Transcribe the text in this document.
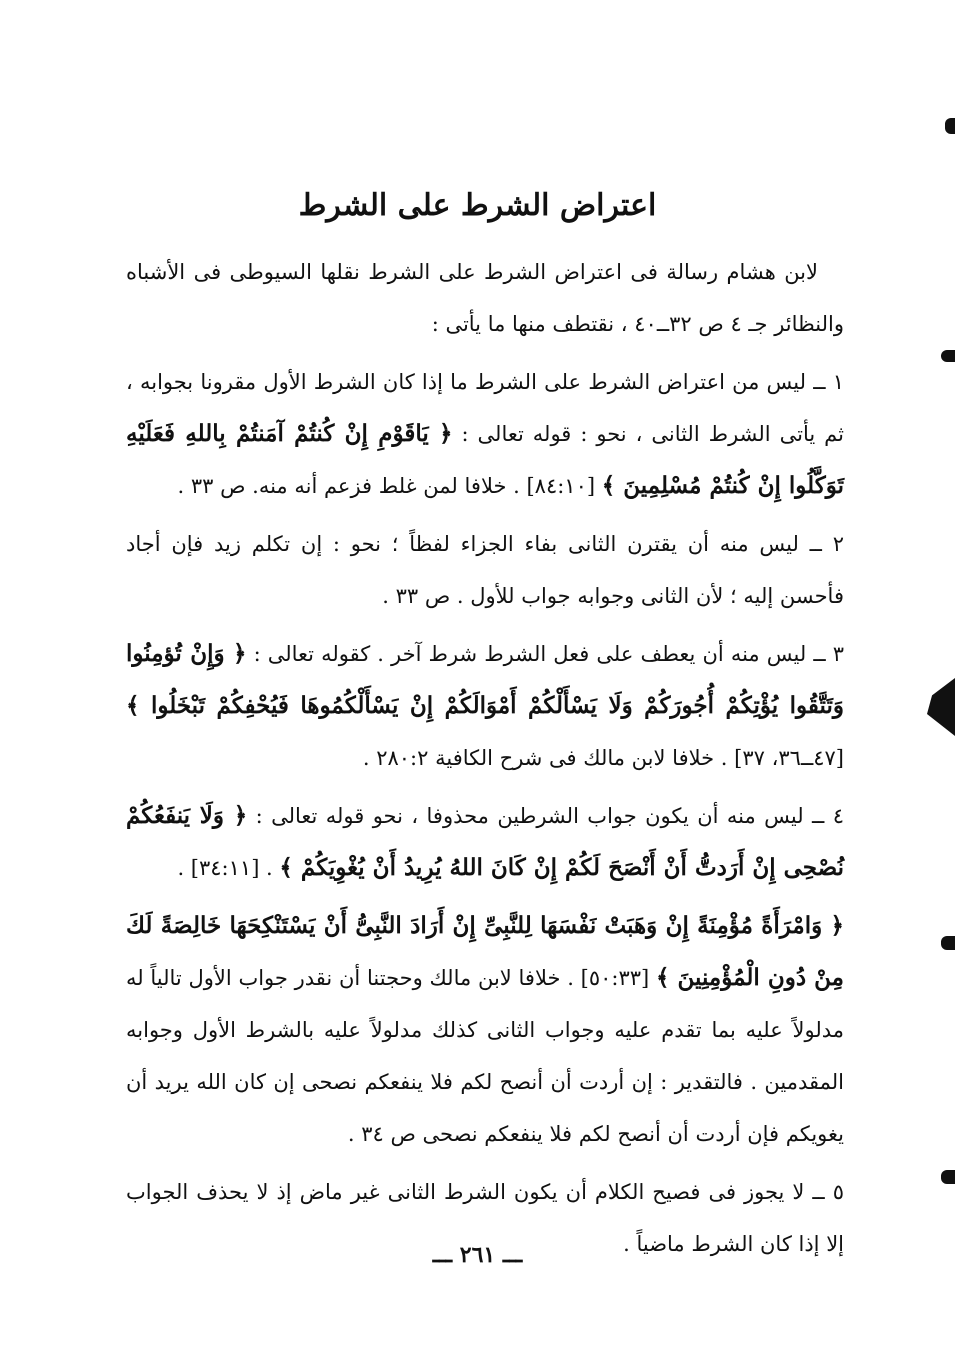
اعتراض الشرط على الشرط

لابن هشام رسالة فى اعتراض الشرط على الشرط نقلها السيوطى فى الأشباه والنظائر جـ ٤ ص ٣٢ــ٤٠ ، نقتطف منها ما يأتى :

١ ــ ليس من اعتراض الشرط على الشرط ما إذا كان الشرط الأول مقرونا بجوابه ، ثم يأتى الشرط الثانى ، نحو : قوله تعالى : ﴿ يَاقَوْمِ إِنْ كُنتُمْ آمَنتُمْ بِاللهِ فَعَلَيْهِ تَوَكَّلُوا إِنْ كُنتُمْ مُسْلِمِينَ ﴾ [٨٤:١٠] . خلافا لمن غلط فزعم أنه منه. ص ٣٣ .

٢ ــ ليس منه أن يقترن الثانى بفاء الجزاء لفظاً ؛ نحو : إن تكلم زيد فإن أجاد فأحسن إليه ؛ لأن الثانى وجوابه جواب للأول . ص ٣٣ .

٣ ــ ليس منه أن يعطف على فعل الشرط شرط آخر . كقوله تعالى : ﴿ وَإِنْ تُؤمِنُوا وَتَتَّقُوا يُؤْتِكُمْ أُجُورَكُمْ وَلَا يَسْأَلْكُمْ أَمْوَالَكُمْ إِنْ يَسْأَلْكُمُوهَا فَيُحْفِكُمْ تَبْخَلُوا ﴾ [٤٧ــ٣٦، ٣٧] . خلافا لابن مالك فى شرح الكافية ٢٨٠:٢ .

٤ ــ ليس منه أن يكون جواب الشرطين محذوفا ، نحو قوله تعالى : ﴿ وَلَا يَنفَعُكُمْ نُصْحِى إِنْ أَرَدتُّ أَنْ أَنْصَحَ لَكُمْ إِنْ كَانَ اللهُ يُرِيدُ أَنْ يُغْوِيَكُمْ ﴾ . [٣٤:١١] .

﴿ وَامْرَأَةً مُؤْمِنَةً إِنْ وَهَبَتْ نَفْسَهَا لِلنَّبِىِّ إِنْ أَرَادَ النَّبِىُّ أَنْ يَسْتَنْكِحَهَا خَالِصَةً لَكَ مِنْ دُونِ الْمُؤْمِنِينَ ﴾ [٥٠:٣٣] . خلافا لابن مالك وحجتنا أن نقدر جواب الأول تالياً له مدلولاً عليه بما تقدم عليه وجواب الثانى كذلك مدلولاً عليه بالشرط الأول وجوابه المقدمين . فالتقدير : إن أردت أن أنصح لكم فلا ينفعكم نصحى إن كان الله يريد أن يغويكم فإن أردت أن أنصح لكم فلا ينفعكم نصحى ص ٣٤ .

٥ ــ لا يجوز فى فصيح الكلام أن يكون الشرط الثانى غير ماض إذ لا يحذف الجواب إلا إذا كان الشرط ماضياً .

ـــ ٢٦١ ـــ
